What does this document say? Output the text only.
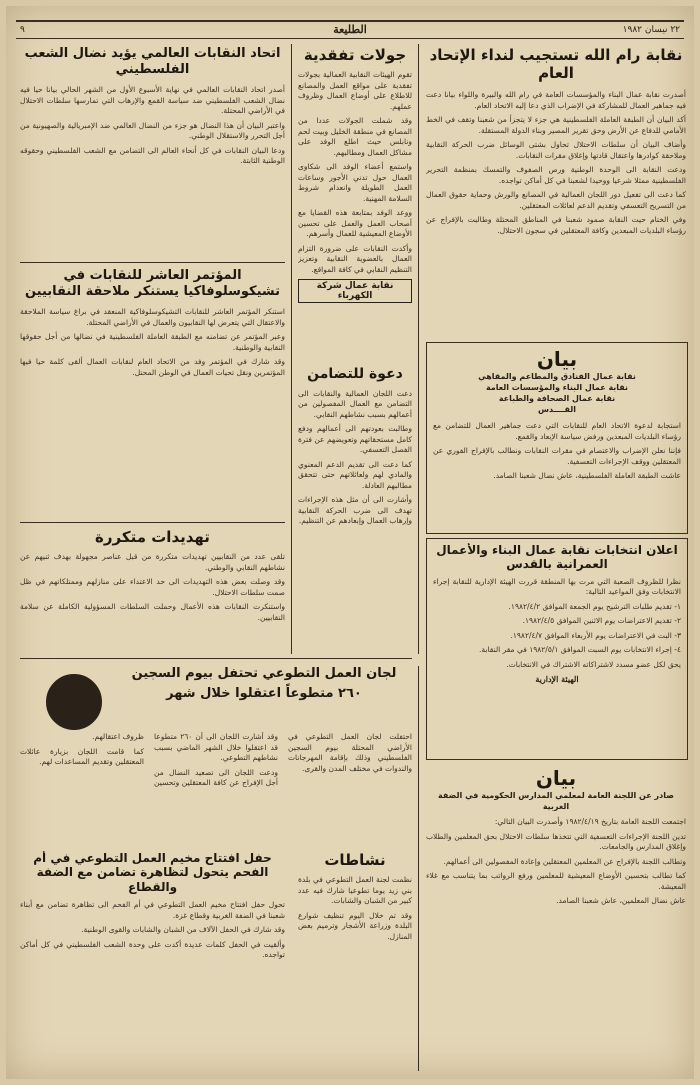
٢٢ نيسان ١٩٨٢
الطليعة
٩
نقابة رام الله تستجيب لنداء الإتحاد العام

أصدرت نقابة عمال البناء والمؤسسات العامة في رام الله والبيرة واللواء بيانا دعت فيه جماهير العمال للمشاركة في الإضراب الذي دعا إليه الاتحاد العام.

أكد البيان أن الطبقة العاملة الفلسطينية هي جزء لا يتجزأ من شعبنا وتقف في الخط الأمامي للدفاع عن الأرض وحق تقرير المصير وبناء الدولة المستقلة.

وأضاف البيان أن سلطات الاحتلال تحاول بشتى الوسائل ضرب الحركة النقابية وملاحقة كوادرها واعتقال قادتها وإغلاق مقرات النقابات.

ودعت النقابة الى الوحدة الوطنية ورص الصفوف والتمسك بمنظمة التحرير الفلسطينية ممثلا شرعيا ووحيدا لشعبنا في كل أماكن تواجده.

كما دعت الى تفعيل دور اللجان العمالية في المصانع والورش وحماية حقوق العمال من التسريح التعسفي وتقديم الدعم لعائلات المعتقلين.

وفي الختام حيت النقابة صمود شعبنا في المناطق المحتلة وطالبت بالإفراج عن رؤساء البلديات المبعدين وكافة المعتقلين في سجون الاحتلال.

بيان
نقابة عمال الفنادق والمطاعم والمقاهي
نقابة عمال البناء والمؤسسات العامة
نقابة عمال الصحافة والطباعة
القــــدس

استجابة لدعوة الاتحاد العام للنقابات التي دعت جماهير العمال للتضامن مع رؤساء البلديات المبعدين ورفض سياسة الإبعاد والقمع.

فإننا نعلن الإضراب والاعتصام في مقرات النقابات ونطالب بالإفراج الفوري عن المعتقلين ووقف الإجراءات التعسفية.

عاشت الطبقة العاملة الفلسطينية، عاش نضال شعبنا الصامد.

اعلان انتخابات نقابة عمال البناء والأعمال العمرانية بالقدس

نظرا للظروف الصعبة التي مرت بها المنطقة قررت الهيئة الإدارية للنقابة إجراء الانتخابات وفق المواعيد التالية:

١- تقديم طلبات الترشيح يوم الجمعة الموافق ١٩٨٢/٤/٢.

٢- تقديم الاعتراضات يوم الاثنين الموافق ١٩٨٢/٤/٥.

٣- البت في الاعتراضات يوم الأربعاء الموافق ١٩٨٢/٤/٧.

٤- إجراء الانتخابات يوم السبت الموافق ١٩٨٢/٥/١ في مقر النقابة.

يحق لكل عضو مسدد لاشتراكاته الاشتراك في الانتخابات.

الهيئة الإدارية
بيان
صادر عن اللجنة العامة لمعلمي المدارس الحكومية في الضفة الغربية

اجتمعت اللجنة العامة بتاريخ ١٩٨٢/٤/١٩ وأصدرت البيان التالي:

تدين اللجنة الإجراءات التعسفية التي تتخذها سلطات الاحتلال بحق المعلمين والطلاب وإغلاق المدارس والجامعات.

وتطالب اللجنة بالإفراج عن المعلمين المعتقلين وإعادة المفصولين الى أعمالهم.

كما تطالب بتحسين الأوضاع المعيشية للمعلمين ورفع الرواتب بما يتناسب مع غلاء المعيشة.

عاش نضال المعلمين، عاش شعبنا الصامد.

جولات تفقدية

تقوم الهيئات النقابية العمالية بجولات تفقدية على مواقع العمل والمصانع للاطلاع على أوضاع العمال وظروف عملهم.

وقد شملت الجولات عددا من المصانع في منطقة الخليل وبيت لحم ونابلس حيث اطلع الوفد على مشاكل العمال ومطالبهم.

واستمع أعضاء الوفد الى شكاوى العمال حول تدني الأجور وساعات العمل الطويلة وانعدام شروط السلامة المهنية.

ووعد الوفد بمتابعة هذه القضايا مع أصحاب العمل والعمل على تحسين الأوضاع المعيشية للعمال وأسرهم.

وأكدت النقابات على ضرورة التزام العمال بالعضوية النقابية وتعزيز التنظيم النقابي في كافة المواقع.

نقابة عمال شركة الكهرباء
دعوة للتضامن

دعت اللجان العمالية والنقابات الى التضامن مع العمال المفصولين من أعمالهم بسبب نشاطهم النقابي.

وطالبت بعودتهم الى أعمالهم ودفع كامل مستحقاتهم وتعويضهم عن فترة الفصل التعسفي.

كما دعت الى تقديم الدعم المعنوي والمادي لهم ولعائلاتهم حتى تتحقق مطالبهم العادلة.

وأشارت الى أن مثل هذه الإجراءات تهدف الى ضرب الحركة النقابية وإرهاب العمال وإبعادهم عن التنظيم.

اتحاد النقابات العالمي يؤيد نضال الشعب الفلسطيني

أصدر اتحاد النقابات العالمي في نهاية الأسبوع الأول من الشهر الحالي بيانا حيا فيه نضال الشعب الفلسطيني ضد سياسة القمع والإرهاب التي تمارسها سلطات الاحتلال في الأراضي المحتلة.

واعتبر البيان أن هذا النضال هو جزء من النضال العالمي ضد الإمبريالية والصهيونية من أجل التحرر والاستقلال الوطني.

ودعا البيان النقابات في كل أنحاء العالم الى التضامن مع الشعب الفلسطيني وحقوقه الوطنية الثابتة.

المؤتمر العاشر للنقابات في تشيكوسلوفاكيا يستنكر ملاحقة النقابيين

استنكر المؤتمر العاشر للنقابات التشيكوسلوفاكية المنعقد في براغ سياسة الملاحقة والاعتقال التي يتعرض لها النقابيون والعمال في الأراضي المحتلة.

وعبر المؤتمر عن تضامنه مع الطبقة العاملة الفلسطينية في نضالها من أجل حقوقها النقابية والوطنية.

وقد شارك في المؤتمر وفد من الاتحاد العام لنقابات العمال ألقى كلمة حيا فيها المؤتمرين ونقل تحيات العمال في الوطن المحتل.

تهديدات متكررة

تلقى عدد من النقابيين تهديدات متكررة من قبل عناصر مجهولة بهدف ثنيهم عن نشاطهم النقابي والوطني.

وقد وصلت بعض هذه التهديدات الى حد الاعتداء على منازلهم وممتلكاتهم في ظل صمت سلطات الاحتلال.

واستنكرت النقابات هذه الأعمال وحملت السلطات المسؤولية الكاملة عن سلامة النقابيين.

لجان العمل التطوعي تحتفل بيوم السجين
٢٦٠ متطوعاً اعتقلوا خلال شهر

احتفلت لجان العمل التطوعي في الأراضي المحتلة بيوم السجين الفلسطيني وذلك بإقامة المهرجانات والندوات في مختلف المدن والقرى.

وقد أشارت اللجان الى أن ٢٦٠ متطوعا قد اعتقلوا خلال الشهر الماضي بسبب نشاطهم التطوعي.

ودعت اللجان الى تصعيد النضال من أجل الإفراج عن كافة المعتقلين وتحسين ظروف اعتقالهم.

كما قامت اللجان بزيارة عائلات المعتقلين وتقديم المساعدات لهم.

حفل افتتاح مخيم العمل التطوعي في أم الفحم يتحول لتظاهرة تضامن مع الضفة والقطاع

تحول حفل افتتاح مخيم العمل التطوعي في أم الفحم الى تظاهرة تضامن مع أبناء شعبنا في الضفة الغربية وقطاع غزة.

وقد شارك في الحفل الآلاف من الشبان والشابات والقوى الوطنية.

وألقيت في الحفل كلمات عديدة أكدت على وحدة الشعب الفلسطيني في كل أماكن تواجده.

نشاطات

نظمت لجنة العمل التطوعي في بلدة بني زيد يوما تطوعيا شارك فيه عدد كبير من الشبان والشابات.

وقد تم خلال اليوم تنظيف شوارع البلدة وزراعة الأشجار وترميم بعض المنازل.
